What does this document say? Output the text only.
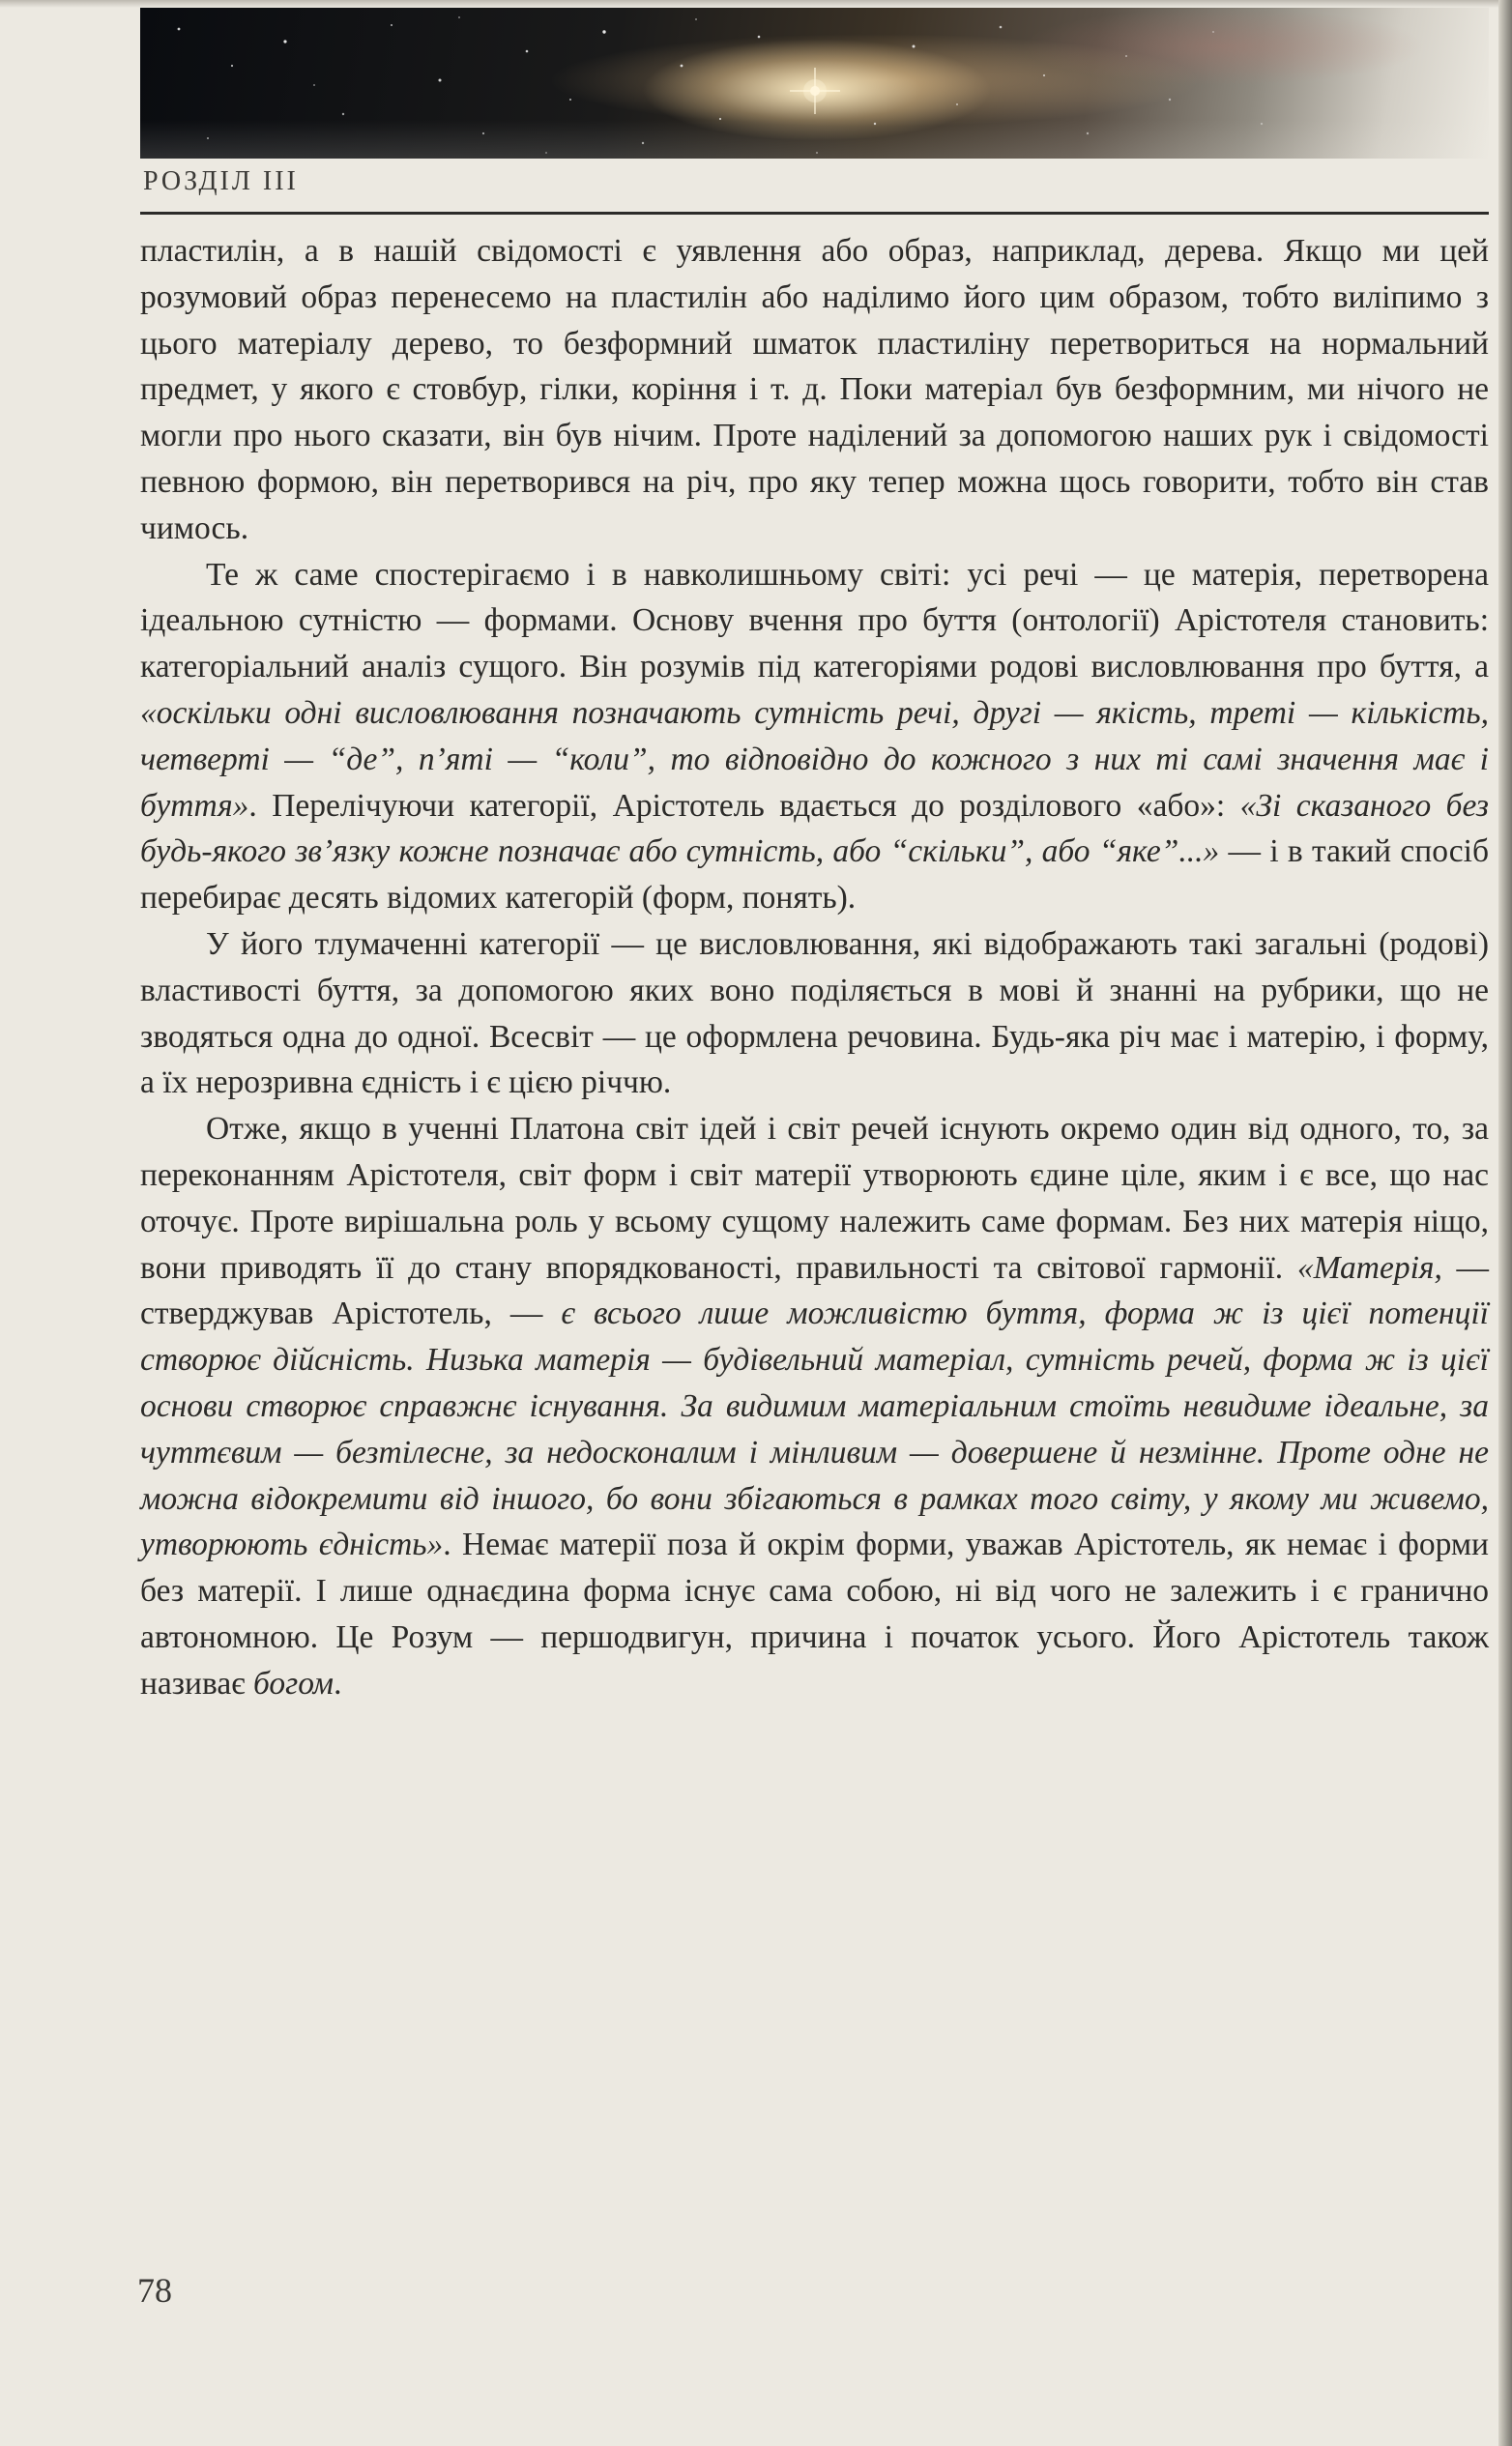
РОЗДІЛ ІІІ

пластилін, а в нашій свідомості є уявлення або образ, наприклад, дерева. Якщо ми цей розумовий образ перенесемо на пластилін або наділимо його цим образом, тобто виліпимо з цього матеріалу дерево, то безформний шматок пластиліну перетвориться на нормальний предмет, у якого є стовбур, гілки, коріння і т. д. Поки матеріал був безформним, ми нічого не могли про нього сказати, він був нічим. Проте наділений за допомогою наших рук і свідомості певною формою, він перетворився на річ, про яку тепер можна щось говорити, тобто він став чимось.

Те ж саме спостерігаємо і в навколишньому світі: усі речі — це матерія, перетворена ідеальною сутністю — формами. Основу вчення про буття (онтології) Арістотеля становить: категоріальний аналіз сущого. Він розумів під категоріями родові висловлювання про буття, а «оскільки одні висловлювання позначають сутність речі, другі — якість, треті — кількість, четверті — “де”, п’яті — “коли”, то відповідно до кожного з них ті самі значення має і буття». Перелічуючи категорії, Арістотель вдається до розділового «або»: «Зі сказаного без будь-якого зв’язку кожне позначає або сутність, або “скільки”, або “яке”...» — і в такий спосіб перебирає десять відомих категорій (форм, понять).

У його тлумаченні категорії — це висловлювання, які відображають такі загальні (родові) властивості буття, за допомогою яких воно поділяється в мові й знанні на рубрики, що не зводяться одна до одної. Всесвіт — це оформлена речовина. Будь-яка річ має і матерію, і форму, а їх нерозривна єдність і є цією річчю.

Отже, якщо в ученні Платона світ ідей і світ речей існують окремо один від одного, то, за переконанням Арістотеля, світ форм і світ матерії утворюють єдине ціле, яким і є все, що нас оточує. Проте вирішальна роль у всьому сущому належить саме формам. Без них матерія ніщо, вони приводять її до стану впорядкованості, правильності та світової гармонії. «Матерія, — стверджував Арістотель, — є всього лише можливістю буття, форма ж із цієї потенції створює дійсність. Низька матерія — будівельний матеріал, сутність речей, форма ж із цієї основи створює справжнє існування. За видимим матеріальним стоїть невидиме ідеальне, за чуттєвим — безтілесне, за недосконалим і мінливим — довершене й незмінне. Проте одне не можна відокремити від іншого, бо вони збігаються в рамках того світу, у якому ми живемо, утворюють єдність». Немає матерії поза й окрім форми, уважав Арістотель, як немає і форми без матерії. І лише однаєдина форма існує сама собою, ні від чого не залежить і є гранично автономною. Це Розум — першодвигун, причина і початок усього. Його Арістотель також називає богом.

78
